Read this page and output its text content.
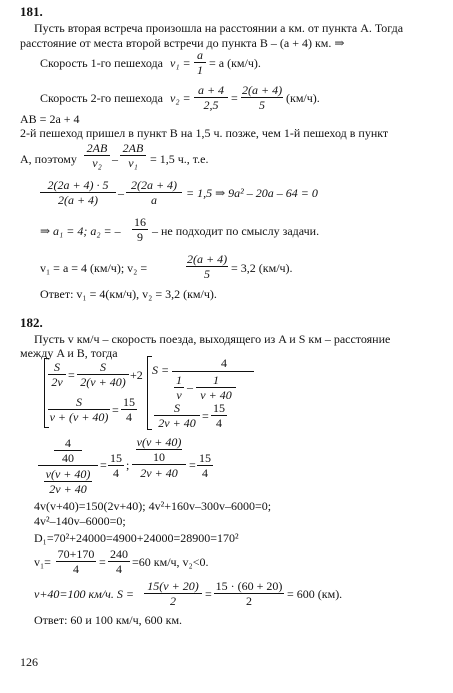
181.
Пусть вторая встреча произошла на расстоянии a км. от пункта A. Тогда
расстояние от места второй встречи до пункта B – (a + 4) км. ⇒
Скорость 1-го пешехода $v_1 = \frac{a}{1} = a$ (км/ч).
Скорость 2-го пешехода $v_2 = \frac{a + 4}{2,5} = \frac{2(a + 4)}{5} (км/ч)$.
AB = 2a + 4
2-й пешеход пришел в пункт B на 1,5 ч. позже, чем 1-й пешеход в пункт
A, поэтому $\frac{2AB}{\text{v₂}} - \frac{2AB}{\text{v₁}} = 1,5$ ч., т.е.
$\frac{2(2a + 4) \cdot 5}{2(a + 4)} - \frac{2(2a + 4)}{a} = 1,5$ ⇒ 9a² – 20a – 64 = 0
⇒ a₁ = 4; a₂ = – $\frac{16}{9}$ – не подходит по смыслу задачи.
v₁ = a = 4 (км/ч); v₂ =	$\frac{2(a + 4)}{5} = 3,2$ (км/ч).
Ответ: v₁ = 4(км/ч), v₂ = 3,2 (км/ч).
182.
Пусть v км/ч – скорость поезда, выходящего из A и S км – расстояние
между A и B, тогда
$\frac{S}{2v} = \frac{S}{2(v + 40)} +2$
$\frac{S}{v + (v + 40)} = \frac{15}{4}$
S =	4
$\frac{1}{v} - \frac{1}{v + 40}$
$\frac{S}{2v + 40} = \frac{15}{4}$
4
40
v(v + 40)
2v + 40
= $\frac{15}{4}$ ;
v(v + 40)
10
2v + 40
= $\frac{15}{4}$
4v(v+40)=150(2v+40); 4v²+160v–300v–6000=0;
4v²–140v–6000=0;
D₁=70²+24000=4900+24000=28900=170²
$v_1= \frac{70+170}{4} = \frac{240}{4} =60$ км/ч, v₂<0.
v+40=100 км/ч. $S = \frac{15(v + 20)}{2} = \frac{15 \cdot (60 + 20)}{2} = 600$ (км).
Ответ: 60 и 100 км/ч, 600 км.
126
